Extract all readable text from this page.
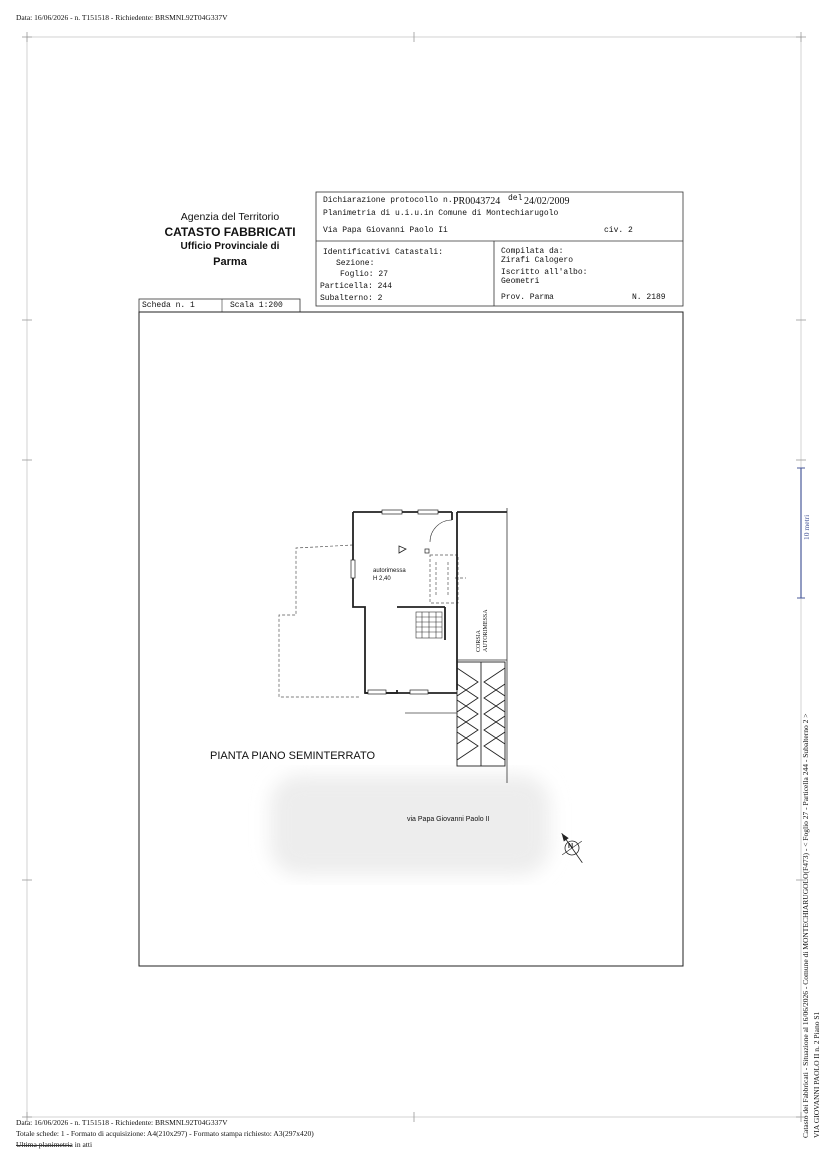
Data: 16/06/2026 - n. T151518 - Richiedente: BRSMNL92T04G337V
10 metri
Agenzia del Territorio
CATASTO FABBRICATI
Ufficio Provinciale di
Parma
Dichiarazione protocollo n. PR0043724 del 24/02/2009
Planimetria di u.i.u.in Comune di Montechiarugolo
Via Papa Giovanni Paolo Ii	civ. 2
Identificativi Catastali:
Sezione:
Foglio: 27
Particella: 244
Subalterno: 2
Compilata da:
Zirafi Calogero
Iscritto all'albo:
Geometri
Prov. Parma	N. 2189
Scheda n. 1	Scala 1:200
autorimessa
H 2,40
CORSIA AUTORIMESSA
PIANTA PIANO SEMINTERRATO
via Papa Giovanni Paolo II
N	Catasto dei Fabbricati - Situazione al 16/06/2026 - Comune di MONTECHIARUGOLO(F473) - < Foglio 27 - Particella 244 - Subalterno 2 > VIA GIOVANNI PAOLO II n. 2 Piano S1
Data: 16/06/2026 - n. T151518 - Richiedente: BRSMNL92T04G337V
Totale schede: 1 - Formato di acquisizione: A4(210x297) - Formato stampa richiesto: A3(297x420)
Ultima planimetria in atti
